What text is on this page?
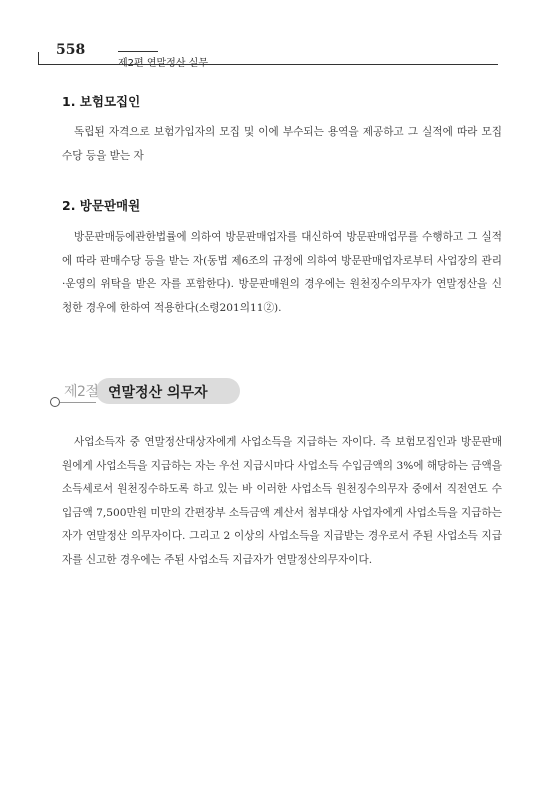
558
제2편 연말정산 실무
1. 보험모집인
독립된 자격으로 보험가입자의 모집 및 이에 부수되는 용역을 제공하고 그 실적에 따라 모집수당 등을 받는 자
2. 방문판매원
방문판매등에관한법률에 의하여 방문판매업자를 대신하여 방문판매업무를 수행하고 그 실적에 따라 판매수당 등을 받는 자(동법 제6조의 규정에 의하여 방문판매업자로부터 사업장의 관리·운영의 위탁을 받은 자를 포함한다). 방문판매원의 경우에는 원천징수의무자가 연말정산을 신청한 경우에 한하여 적용한다(소령201의11②).
제2절 연말정산 의무자
사업소득자 중 연말정산대상자에게 사업소득을 지급하는 자이다. 즉 보험모집인과 방문판매원에게 사업소득을 지급하는 자는 우선 지급시마다 사업소득 수입금액의 3%에 해당하는 금액을 소득세로서 원천징수하도록 하고 있는 바 이러한 사업소득 원천징수의무자 중에서 직전연도 수입금액 7,500만원 미만의 간편장부 소득금액 계산서 첨부대상 사업자에게 사업소득을 지급하는 자가 연말정산 의무자이다. 그리고 2 이상의 사업소득을 지급받는 경우로서 주된 사업소득 지급자를 신고한 경우에는 주된 사업소득 지급자가 연말정산의무자이다.
